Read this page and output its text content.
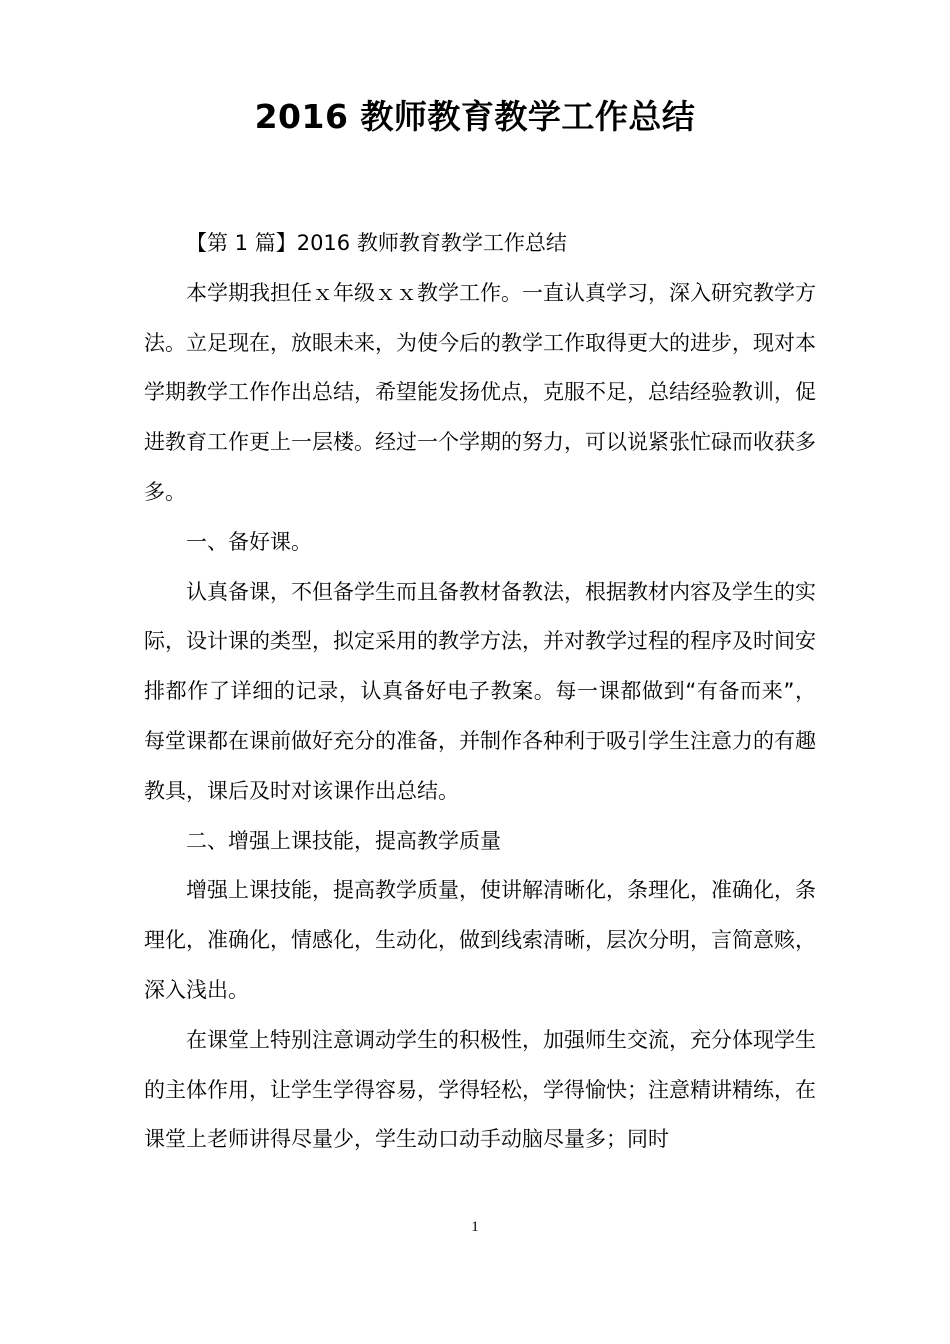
2016 教师教育教学工作总结

【第 1 篇】2016 教师教育教学工作总结

本学期我担任ｘ年级ｘｘ教学工作。一直认真学习，深入研究教学方法。立足现在，放眼未来，为使今后的教学工作取得更大的进步，现对本学期教学工作作出总结，希望能发扬优点，克服不足，总结经验教训，促进教育工作更上一层楼。经过一个学期的努力，可以说紧张忙碌而收获多多。

一、备好课。

认真备课，不但备学生而且备教材备教法，根据教材内容及学生的实际，设计课的类型，拟定采用的教学方法，并对教学过程的程序及时间安排都作了详细的记录，认真备好电子教案。每一课都做到“有备而来”，每堂课都在课前做好充分的准备，并制作各种利于吸引学生注意力的有趣教具，课后及时对该课作出总结。

二、增强上课技能，提高教学质量

增强上课技能，提高教学质量，使讲解清晰化，条理化，准确化，条理化，准确化，情感化，生动化，做到线索清晰，层次分明，言简意赅，深入浅出。

在课堂上特别注意调动学生的积极性，加强师生交流，充分体现学生的主体作用，让学生学得容易，学得轻松，学得愉快；注意精讲精练，在课堂上老师讲得尽量少，学生动口动手动脑尽量多；同时

1
